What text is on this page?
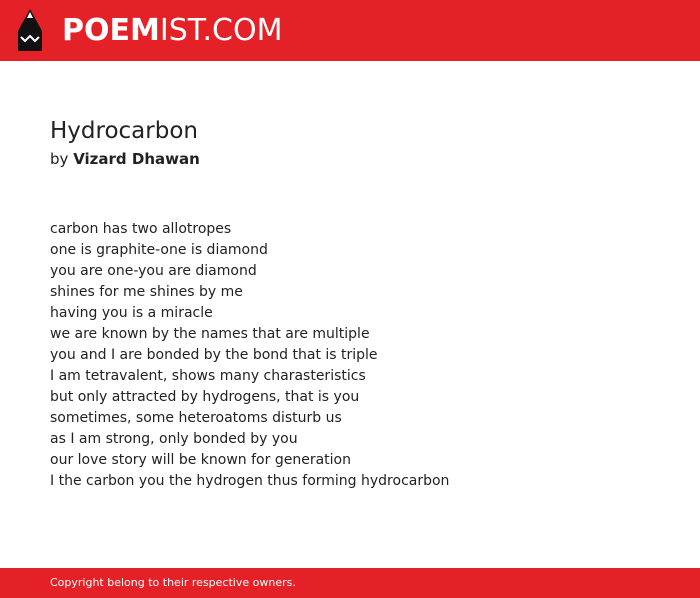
POEMIST.COM
Hydrocarbon
by Vizard Dhawan
carbon has two allotropes
one is graphite-one is diamond
you are one-you are diamond
shines for me shines by me
having you is a miracle
we are known by the names that are multiple
you and I are bonded by the bond that is triple
I am tetravalent, shows many charasteristics
but only attracted by hydrogens, that is you
sometimes, some heteroatoms disturb us
as I am strong, only bonded by you
our love story will be known for generation
I the carbon you the hydrogen thus forming hydrocarbon
Copyright belong to their respective owners.
